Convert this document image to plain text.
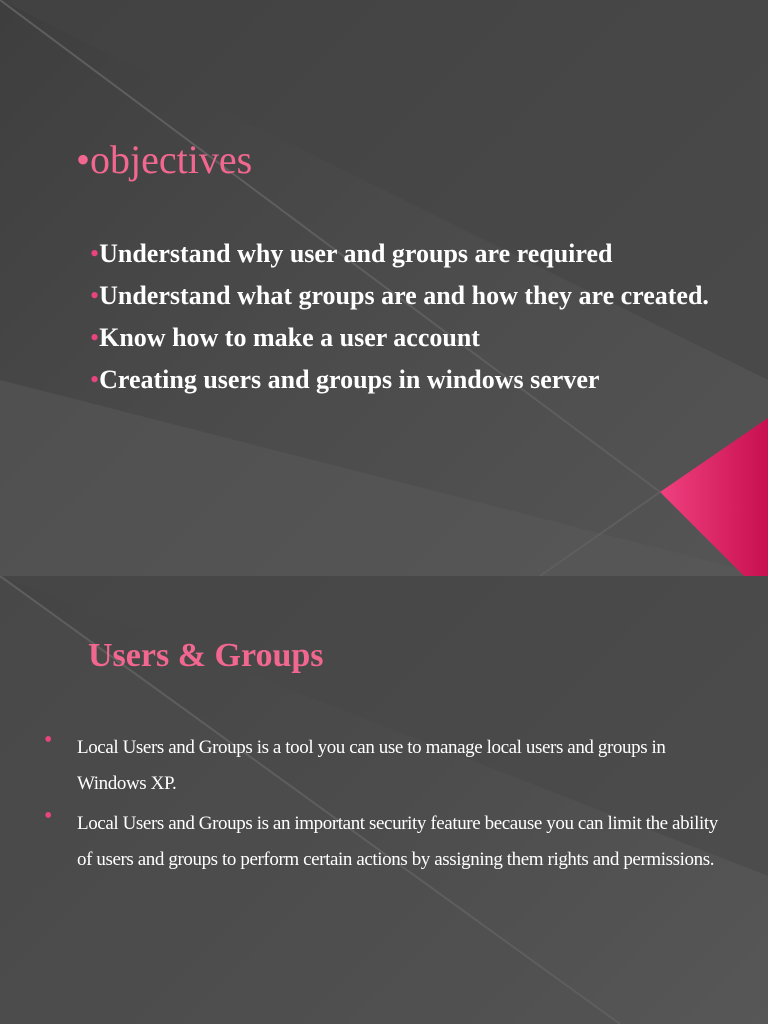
•objectives
•Understand why user and groups are required
•Understand what groups are and how they are created.
•Know how to make a user account
•Creating users and groups in windows server
Users & Groups
• Local Users and Groups is a tool you can use to manage local users and groups in Windows XP.
• Local Users and Groups is an important security feature because you can limit the ability of users and groups to perform certain actions by assigning them rights and permissions.
